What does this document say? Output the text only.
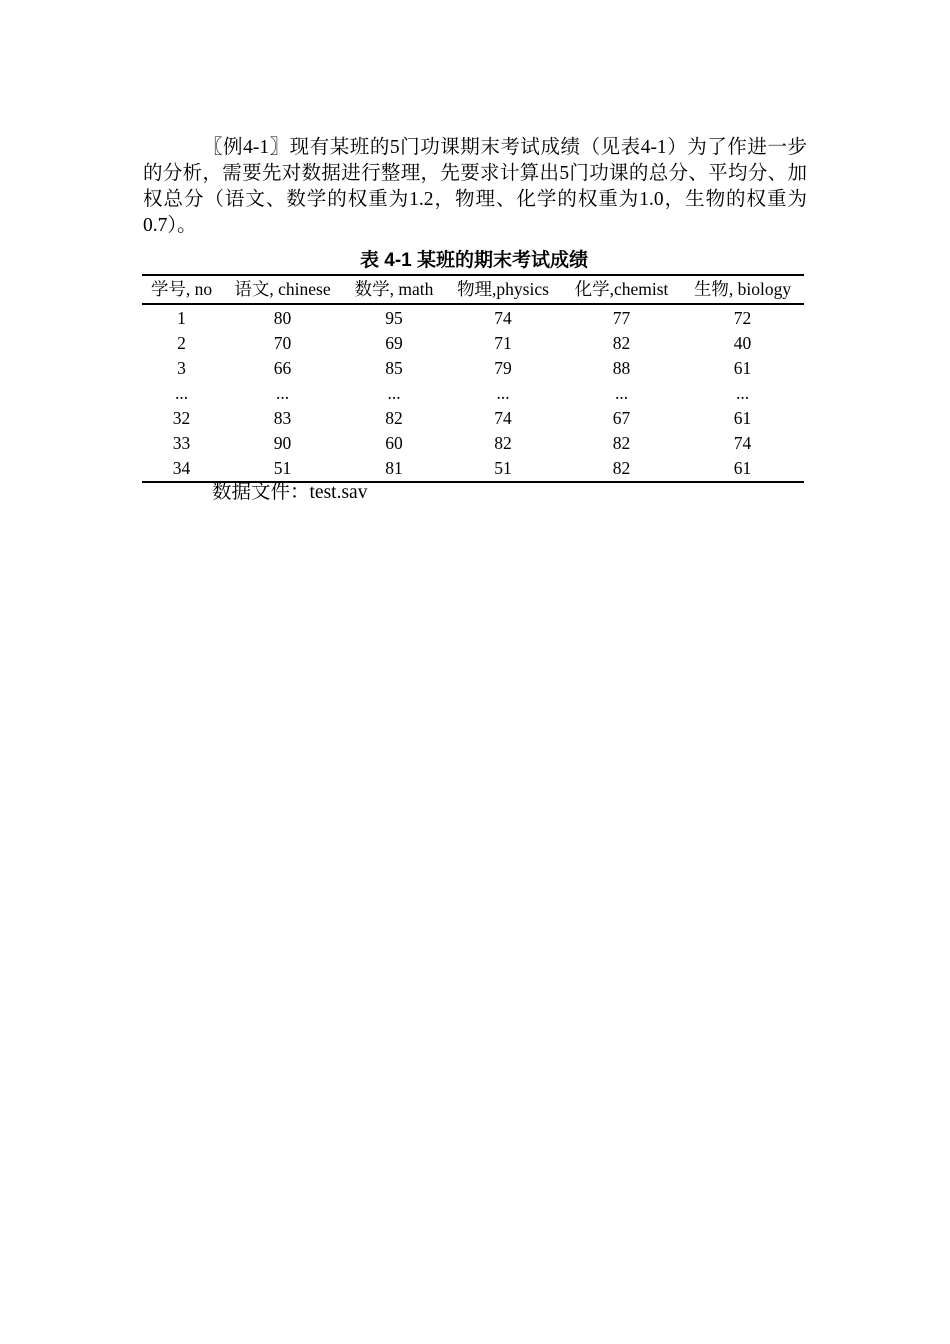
〖例4-1〗现有某班的5门功课期末考试成绩（见表4-1）为了作进一步的分析，需要先对数据进行整理，先要求计算出5门功课的总分、平均分、加权总分（语文、数学的权重为1.2，物理、化学的权重为1.0，生物的权重为0.7）。

表 4-1 某班的期末考试成绩
学号, no	语文, chinese	数学, math	物理,physics	化学,chemist	生物, biology
1	80	95	74	77	72
2	70	69	71	82	40
3	66	85	79	88	61
...	...	...	...	...	...
32	83	82	74	67	61
33	90	60	82	82	74
34	51	81	51	82	61

数据文件：test.sav
